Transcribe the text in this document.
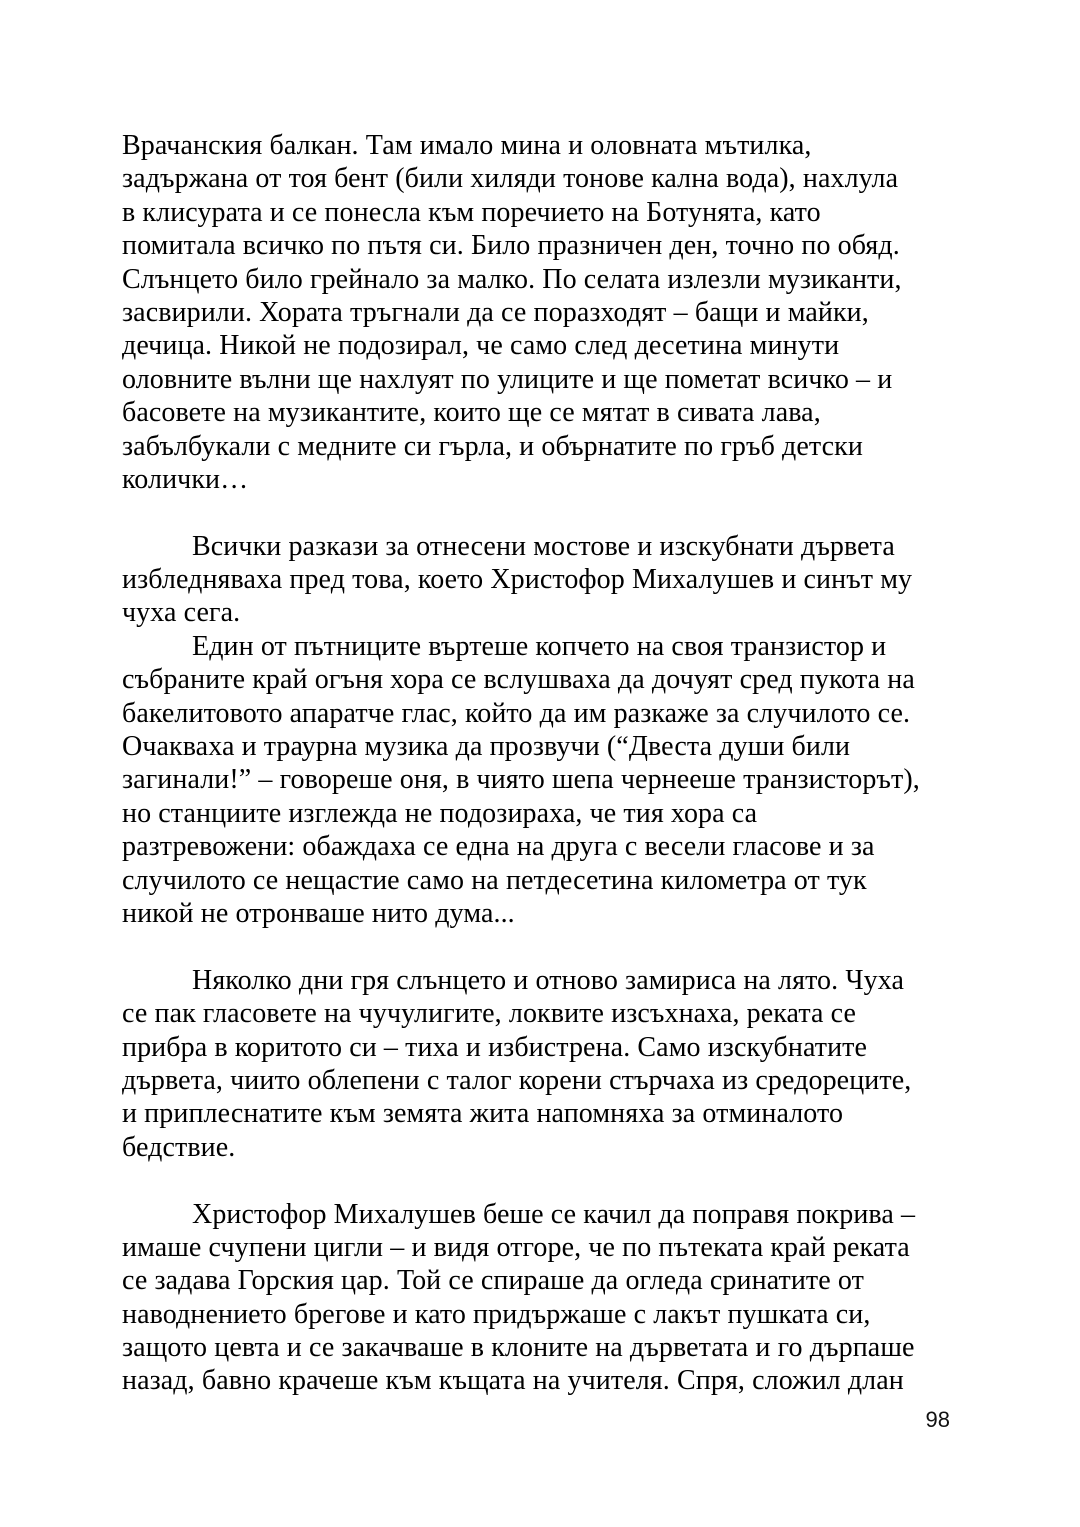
Врачанския балкан. Там имало мина и оловната мътилка,
задържана от тоя бент (били хиляди тонове кална вода), нахлула
в клисурата и се понесла към поречието на Ботунята, като
помитала всичко по пътя си. Било празничен ден, точно по обяд.
Слънцето било грейнало за малко. По селата излезли музиканти,
засвирили. Хората тръгнали да се поразходят – бащи и майки,
дечица. Никой не подозирал, че само след десетина минути
оловните вълни ще нахлуят по улиците и ще пометат всичко – и
басовете на музикантите, които ще се мятат в сивата лава,
забълбукали с медните си гърла, и обърнатите по гръб детски
колички…
Всички разкази за отнесени мостове и изскубнати дървета
избледняваха пред това, което Христофор Михалушев и синът му
чуха сега.
Един от пътниците въртеше копчето на своя транзистор и
събраните край огъня хора се вслушваха да дочуят сред пукота на
бакелитовото апаратче глас, който да им разкаже за случилото се.
Очакваха и траурна музика да прозвучи (“Двеста души били
загинали!” – говореше оня, в чиято шепа чернееше транзисторът),
но станциите изглежда не подозираха, че тия хора са
разтревожени: обаждаха се една на друга с весели гласове и за
случилото се нещастие само на петдесетина километра от тук
никой не отронваше нито дума...
Няколко дни гря слънцето и отново замириса на лято. Чуха
се пак гласовете на чучулигите, локвите изсъхнаха, реката се
прибра в коритото си – тиха и избистрена. Само изскубнатите
дървета, чиито облепени с талог корени стърчаха из средореците,
и приплеснатите към земята жита напомняха за отминалото
бедствие.
Христофор Михалушев беше се качил да поправя покрива –
имаше счупени цигли – и видя отгоре, че по пътеката край реката
се задава Горския цар. Той се спираше да огледа сринатите от
наводнението брегове и като придържаше с лакът пушката си,
защото цевта и се закачваше в клоните на дърветата и го дърпаше
назад, бавно крачеше към къщата на учителя. Спря, сложил длан
98
